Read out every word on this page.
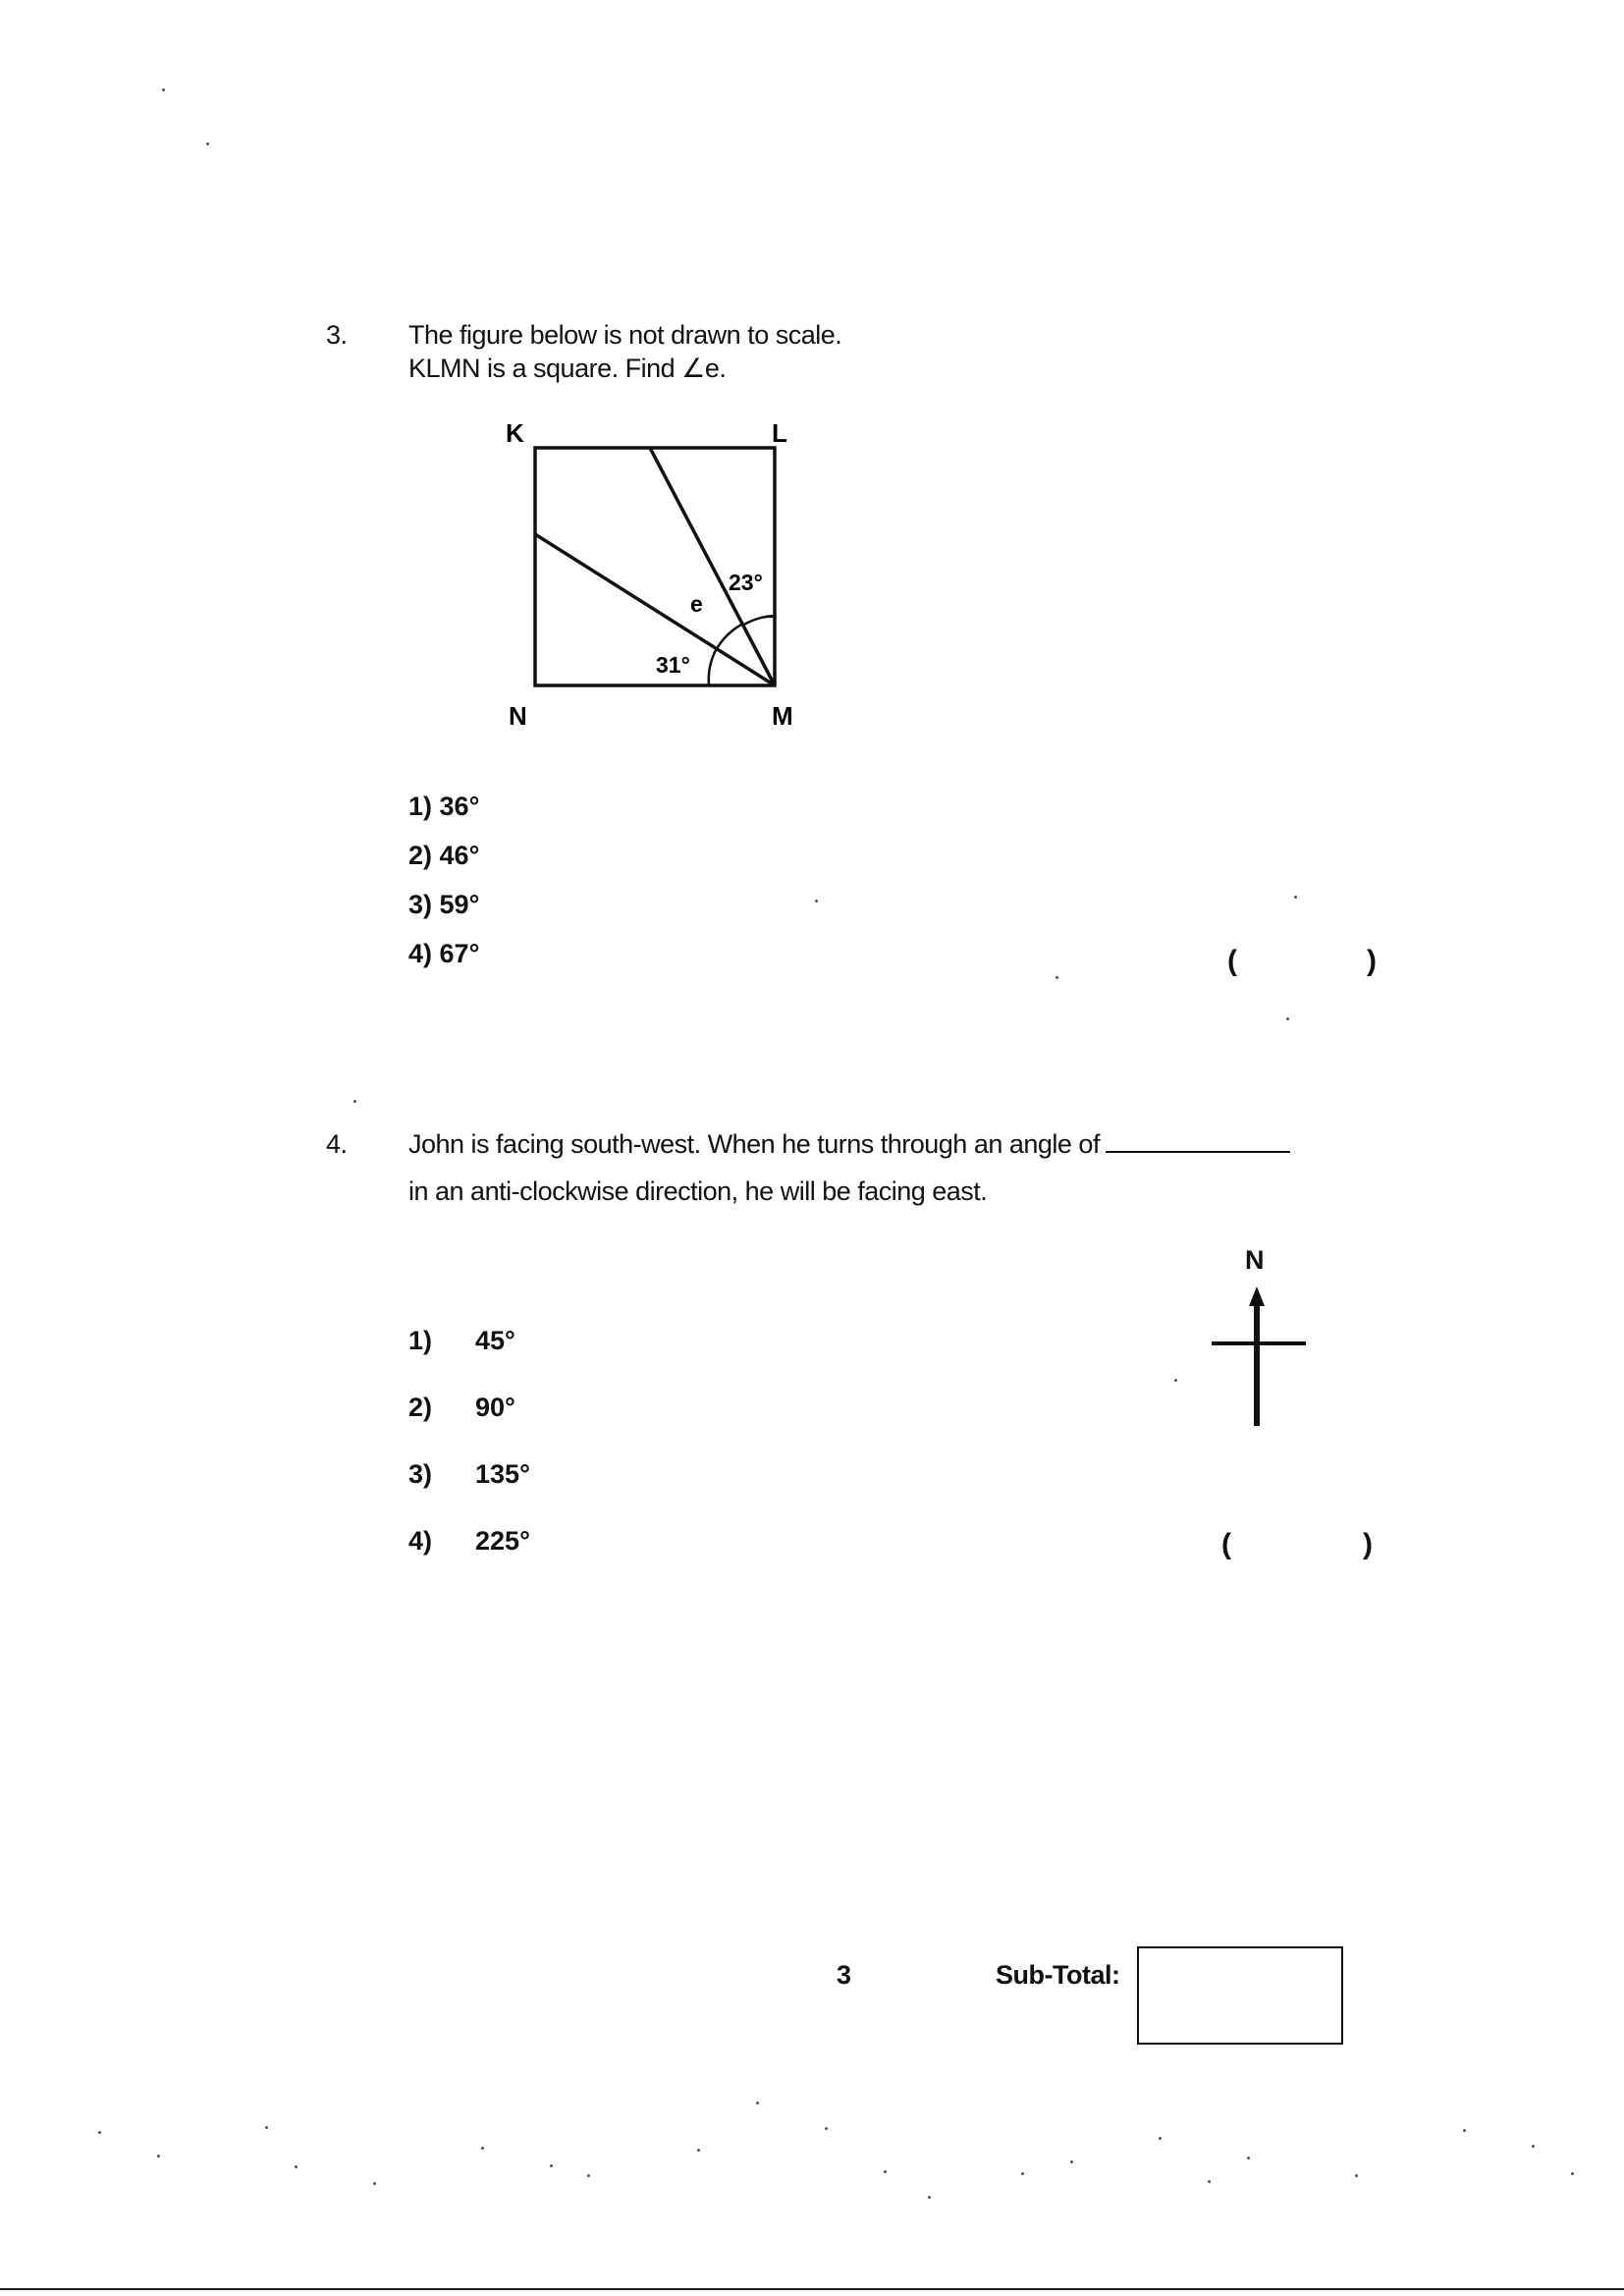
3. The figure below is not drawn to scale.
KLMN is a square. Find ∠e.
K	L
N	M
23°
e
31°
1) 36°
2) 46°
3) 59°
4) 67°	(	)
4. John is facing south-west. When he turns through an angle of
in an anti-clockwise direction, he will be facing east.
N
1) 45°
2) 90°
3) 135°
4) 225°	(	)
3	Sub-Total:
